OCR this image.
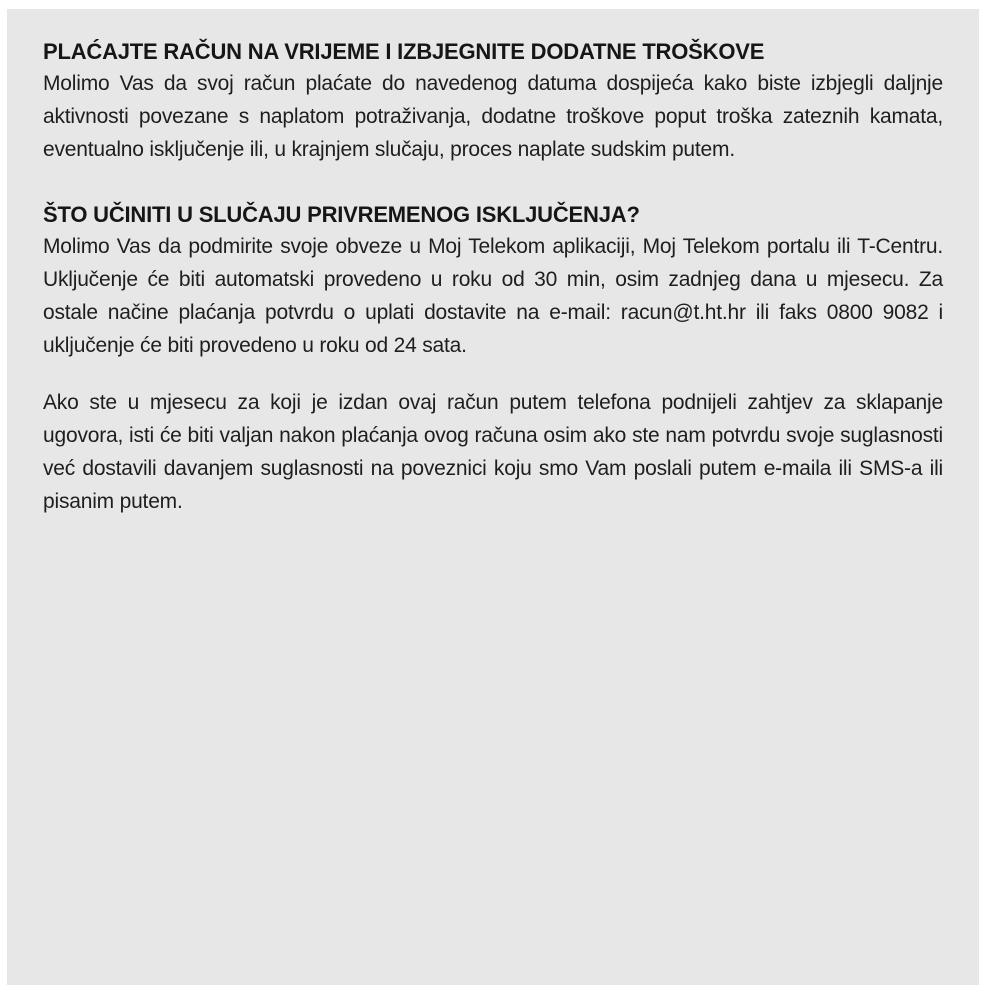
PLAĆAJTE RAČUN NA VRIJEME I IZBJEGNITE DODATNE TROŠKOVE

Molimo Vas da svoj račun plaćate do navedenog datuma dospijeća kako biste izbjegli daljnje aktivnosti povezane s naplatom potraživanja, dodatne troškove poput troška zateznih kamata, eventualno isključenje ili, u krajnjem slučaju, proces naplate sudskim putem.

ŠTO UČINITI U SLUČAJU PRIVREMENOG ISKLJUČENJA?

Molimo Vas da podmirite svoje obveze u Moj Telekom aplikaciji, Moj Telekom portalu ili T-Centru. Uključenje će biti automatski provedeno u roku od 30 min, osim zadnjeg dana u mjesecu. Za ostale načine plaćanja potvrdu o uplati dostavite na e-mail: racun@t.ht.hr ili faks 0800 9082 i uključenje će biti provedeno u roku od 24 sata.

Ako ste u mjesecu za koji je izdan ovaj račun putem telefona podnijeli zahtjev za sklapanje ugovora, isti će biti valjan nakon plaćanja ovog računa osim ako ste nam potvrdu svoje suglasnosti već dostavili davanjem suglasnosti na poveznici koju smo Vam poslali putem e-maila ili SMS-a ili pisanim putem.
